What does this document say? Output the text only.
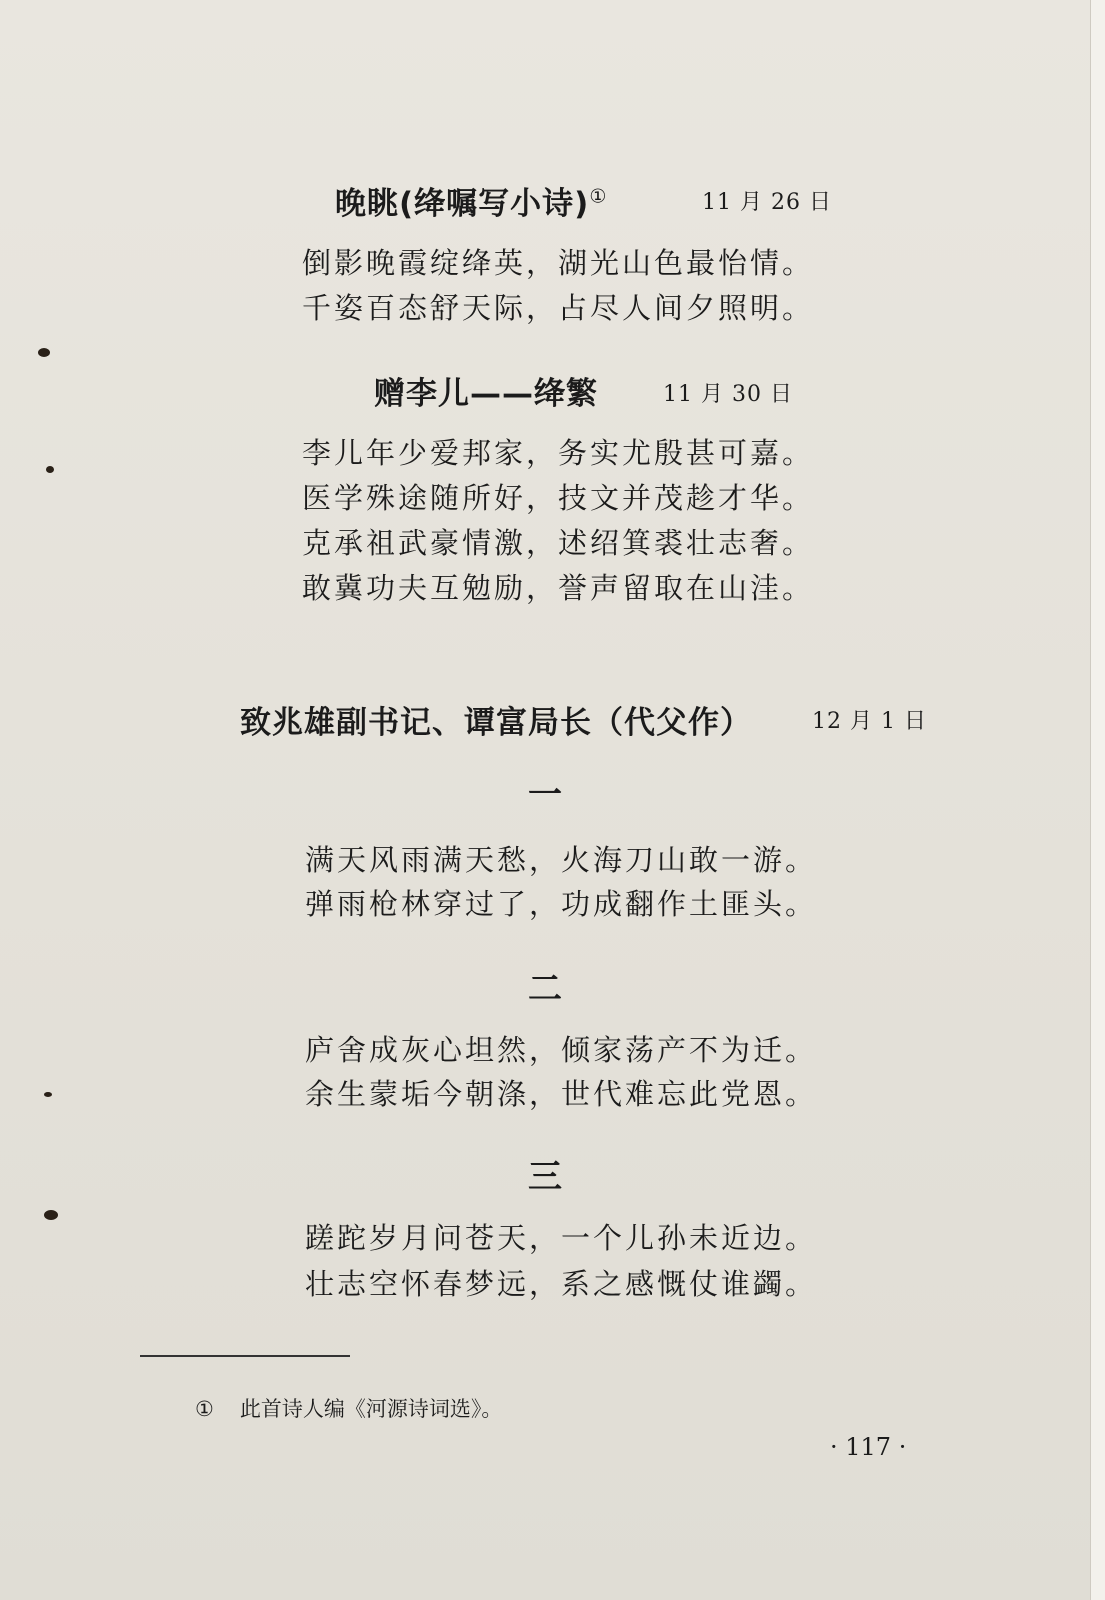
晚眺(绛嘱写小诗)①	11 月 26 日
倒影晚霞绽绛英，湖光山色最怡情。
千姿百态舒天际，占尽人间夕照明。
赠李儿——绛繁	11 月 30 日
李儿年少爱邦家，务实尤殷甚可嘉。
医学殊途随所好，技文并茂趁才华。
克承祖武豪情激，述绍箕裘壮志奢。
敢冀功夫互勉励，誉声留取在山洼。
致兆雄副书记、谭富局长（代父作）	12 月 1 日
一
满天风雨满天愁，火海刀山敢一游。
弹雨枪林穿过了，功成翻作土匪头。
二
庐舍成灰心坦然，倾家荡产不为迁。
余生蒙垢今朝涤，世代难忘此党恩。
三
蹉跎岁月问苍天，一个儿孙未近边。
壮志空怀春梦远，系之感慨仗谁蠲。
① 此首诗人编《河源诗词选》。
· 117 ·
